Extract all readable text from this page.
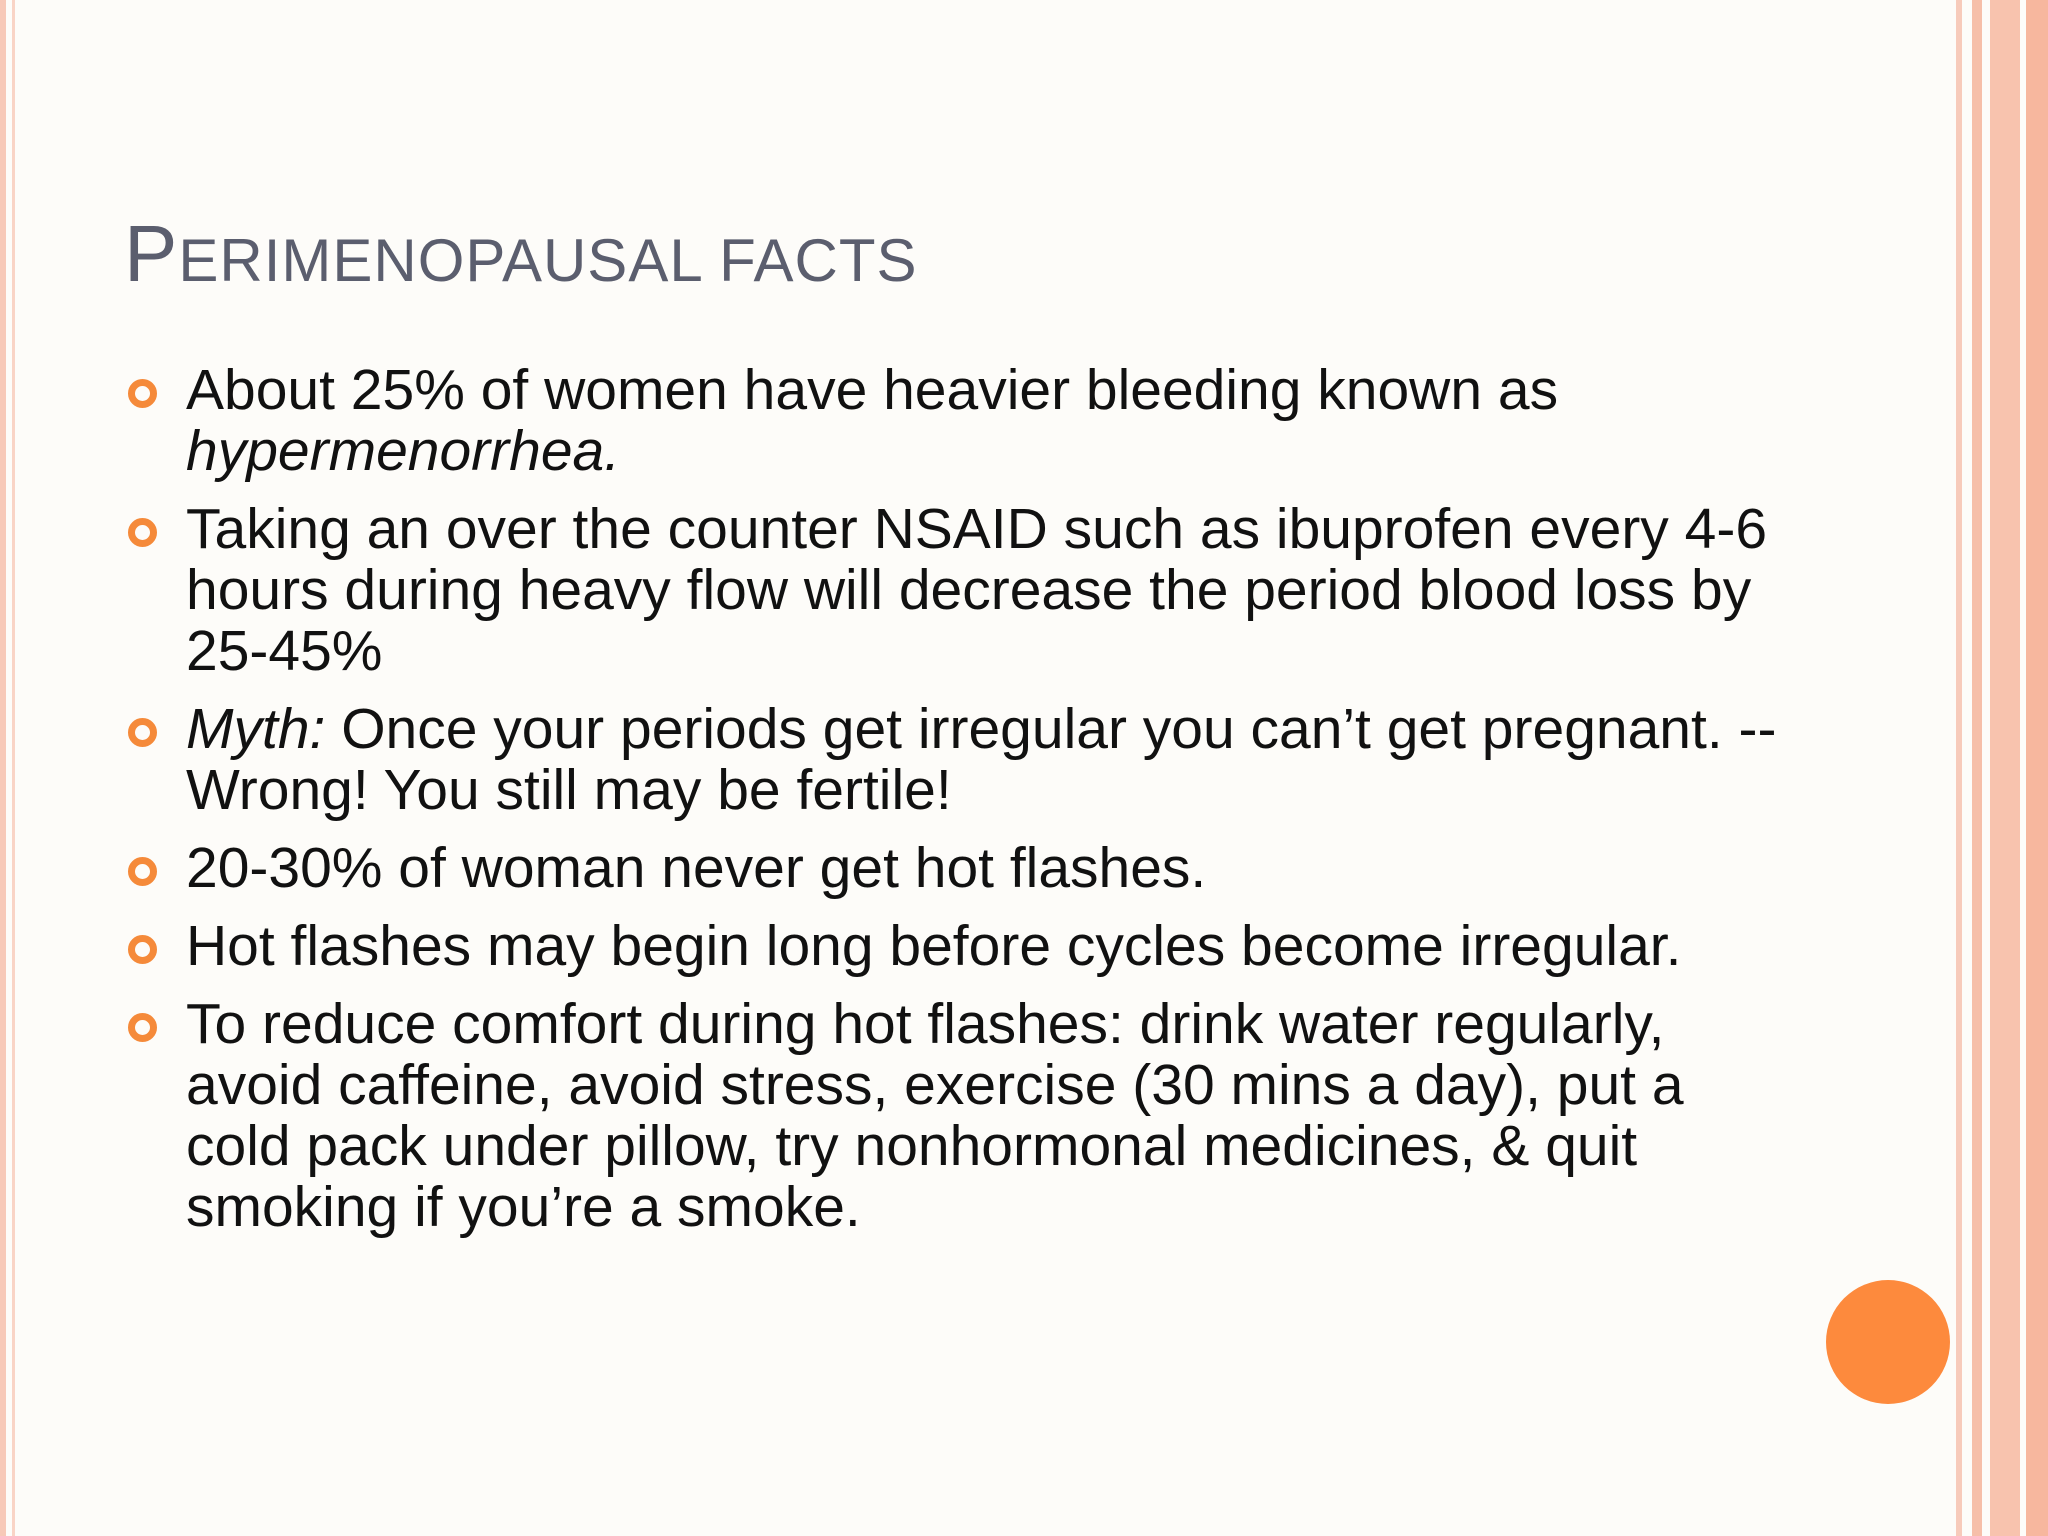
PERIMENOPAUSAL FACTS
About 25% of women have heavier bleeding known as hypermenorrhea.
Taking an over the counter NSAID such as ibuprofen every 4-6 hours during heavy flow will decrease the period blood loss by 25-45%
Myth: Once your periods get irregular you can’t get pregnant. -- Wrong! You still may be fertile!
20-30% of woman never get hot flashes.
Hot flashes may begin long before cycles become irregular.
To reduce comfort during hot flashes: drink water regularly, avoid caffeine, avoid stress, exercise (30 mins a day), put a cold pack under pillow, try nonhormonal medicines, & quit smoking if you’re a smoke.
